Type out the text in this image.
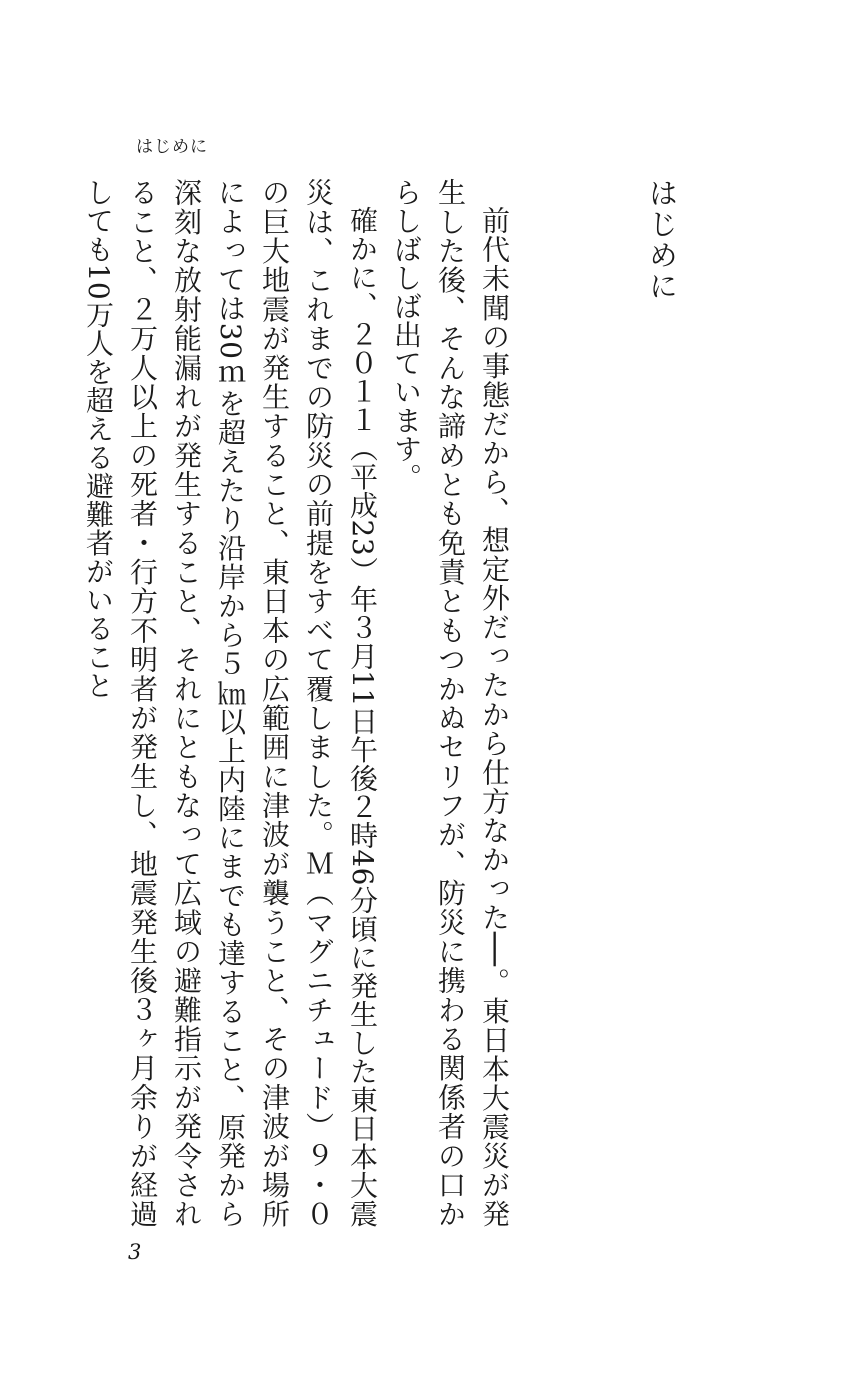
はじめに
はじめに

前代未聞の事態だから、想定外だったから仕方なかった──。東日本大震災が発生した後、そんな諦めとも免責ともつかぬセリフが、防災に携わる関係者の口からしばしば出ています。

確かに、２０１１（平成23）年３月11日午後２時46分頃に発生した東日本大震災は、これまでの防災の前提をすべて覆しました。Ｍ（マグニチュード）９・０の巨大地震が発生すること、東日本の広範囲に津波が襲うこと、その津波が場所によっては30ｍを超えたり沿岸から５㎞以上内陸にまでも達すること、原発から深刻な放射能漏れが発生すること、それにともなって広域の避難指示が発令されること、２万人以上の死者・行方不明者が発生し、地震発生後３ヶ月余りが経過しても10万人を超える避難者がいること

3
